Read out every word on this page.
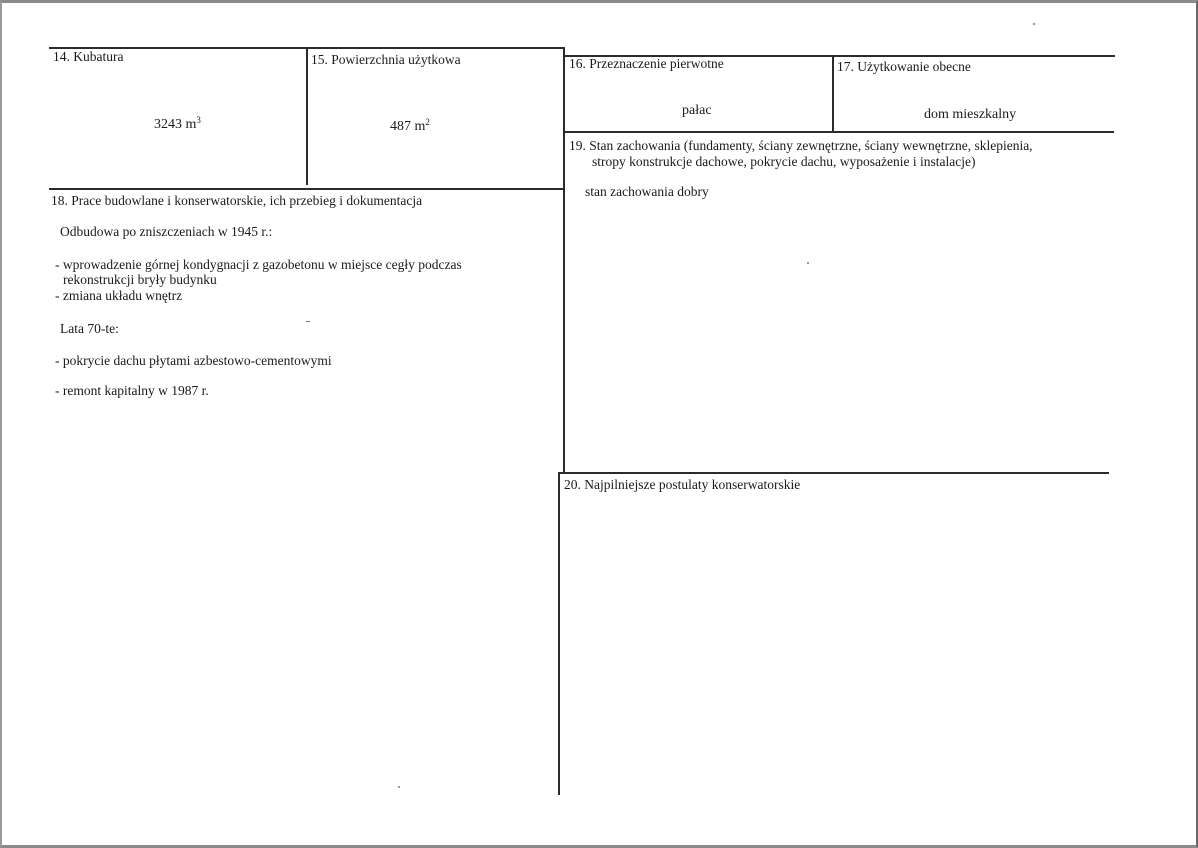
14. Kubatura
3243 $m^3$
15. Powierzchnia użytkowa
487 $m^2$
16. Przeznaczenie pierwotne
pałac
17. Użytkowanie obecne
dom mieszkalny
19. Stan zachowania (fundamenty, ściany zewnętrzne, ściany wewnętrzne, sklepienia,
stropy konstrukcje dachowe, pokrycie dachu, wyposażenie i instalacje)
stan zachowania dobry
18. Prace budowlane i konserwatorskie, ich przebieg i dokumentacja
Odbudowa po zniszczeniach w 1945 r.:
- wprowadzenie górnej kondygnacji z gazobetonu w miejsce cegły podczas
rekonstrukcji bryły budynku
- zmiana układu wnętrz
Lata 70-te:
- pokrycie dachu płytami azbestowo-cementowymi
- remont kapitalny w 1987 r.
20. Najpilniejsze postulaty konserwatorskie
